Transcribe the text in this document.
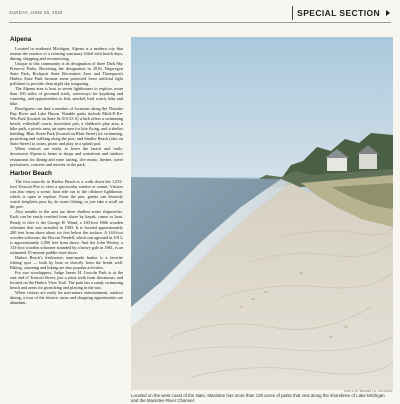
SUNDAY, JUNE 29, 2025	SPECIAL SECTION
Alpena

Located in northeast Michigan, Alpena is a modern city that retains the essence of a relaxing sanctuary filled with beach days, dining, shopping and reconnecting.

Unique to this community is its designation of three Dark Sky Preserve Parks. Receiving the designation in 2016, Negwegon State Park, Rockport State Recreation Area and Thompson's Harbor State Park became areas protected from artificial light pollution to provide clear night sky stargazing.

The Alpena area is host to seven lighthouses to explore, more than 100 miles of groomed trails, waterways for kayaking and canoeing, and opportunities to fish, snorkel, bird watch, bike and hike.

Beachgoers can find a number of locations along the Thunder Bay River and Lake Huron. Notable parks include Mich-E-Ke-Wis Park (located on State St./US-23 S) which offers a swimming beach, volleyball courts, horseshoe pits, a children's play area, a bike path, a picnic area, an open area for kite flying, and a shelter building. Blair Street Park (located on Blair Street) for swimming, picnicking and walking along the pier; and Starlite Beach (also on State Street) to swim, picnic and play in a splash pad.

When visitors are ready to leave the beach and trails, downtown Alpena is home to shops and waterfront and outdoor restaurants for dining and wine tasting, live music, theater, street performers, concerts and movies in the park.

Harbor Beach

The first must-do in Harbor Beach is a walk down the 1,031-foot Trescott Pier to view a spectacular sunrise or sunset. Visitors can also enjoy a scenic boat ride out to the offshore lighthouse, which is open to explore. From the pier, guests can leisurely watch freighters pass by, do some fishing, or just take a stroll on the pier.

Also notable to the area are three shallow-water shipwrecks. Each can be easily reached from shore by kayak, canoe or boat. Ready to dive is the George H. Wand, a 130-foot 1866 wooden schooner that was stranded in 1903. It is located approximately 200 feet from shore about six feet below the surface. A 144-foot wooden schooner, the Dorcas Pendell, which ran aground in 1913, is approximately 2,000 feet from shore. And the John Wesley, a 133-foot wooden schooner stranded by a heavy gale in 1861, is an estimated 35-minute paddle from shore.

Harbor Beach's freshwater, man-made harbor is a favorite fishing spot — both by boat or directly from the break wall. Biking, canoeing and hiking are also popular activities.

For sun worshippers, Judge James H. Lincoln Park is at the east end of Trescott Street, just a short walk from downtown, and located on the Harbor View Trail. The park has a sandy swimming beach and areas for picnicking and playing in the sun.

When visitors are ready for non-nature entertainment, outdoor dining, a tour of the historic areas and shopping opportunities are abundant.

PHOTO BY BARRETT E. HUFFMAN
Located on the west coast of the state, Manistee has more than 130 acres of parks that vest along the shorelines of Lake Michigan and the Manistee River Channel.
